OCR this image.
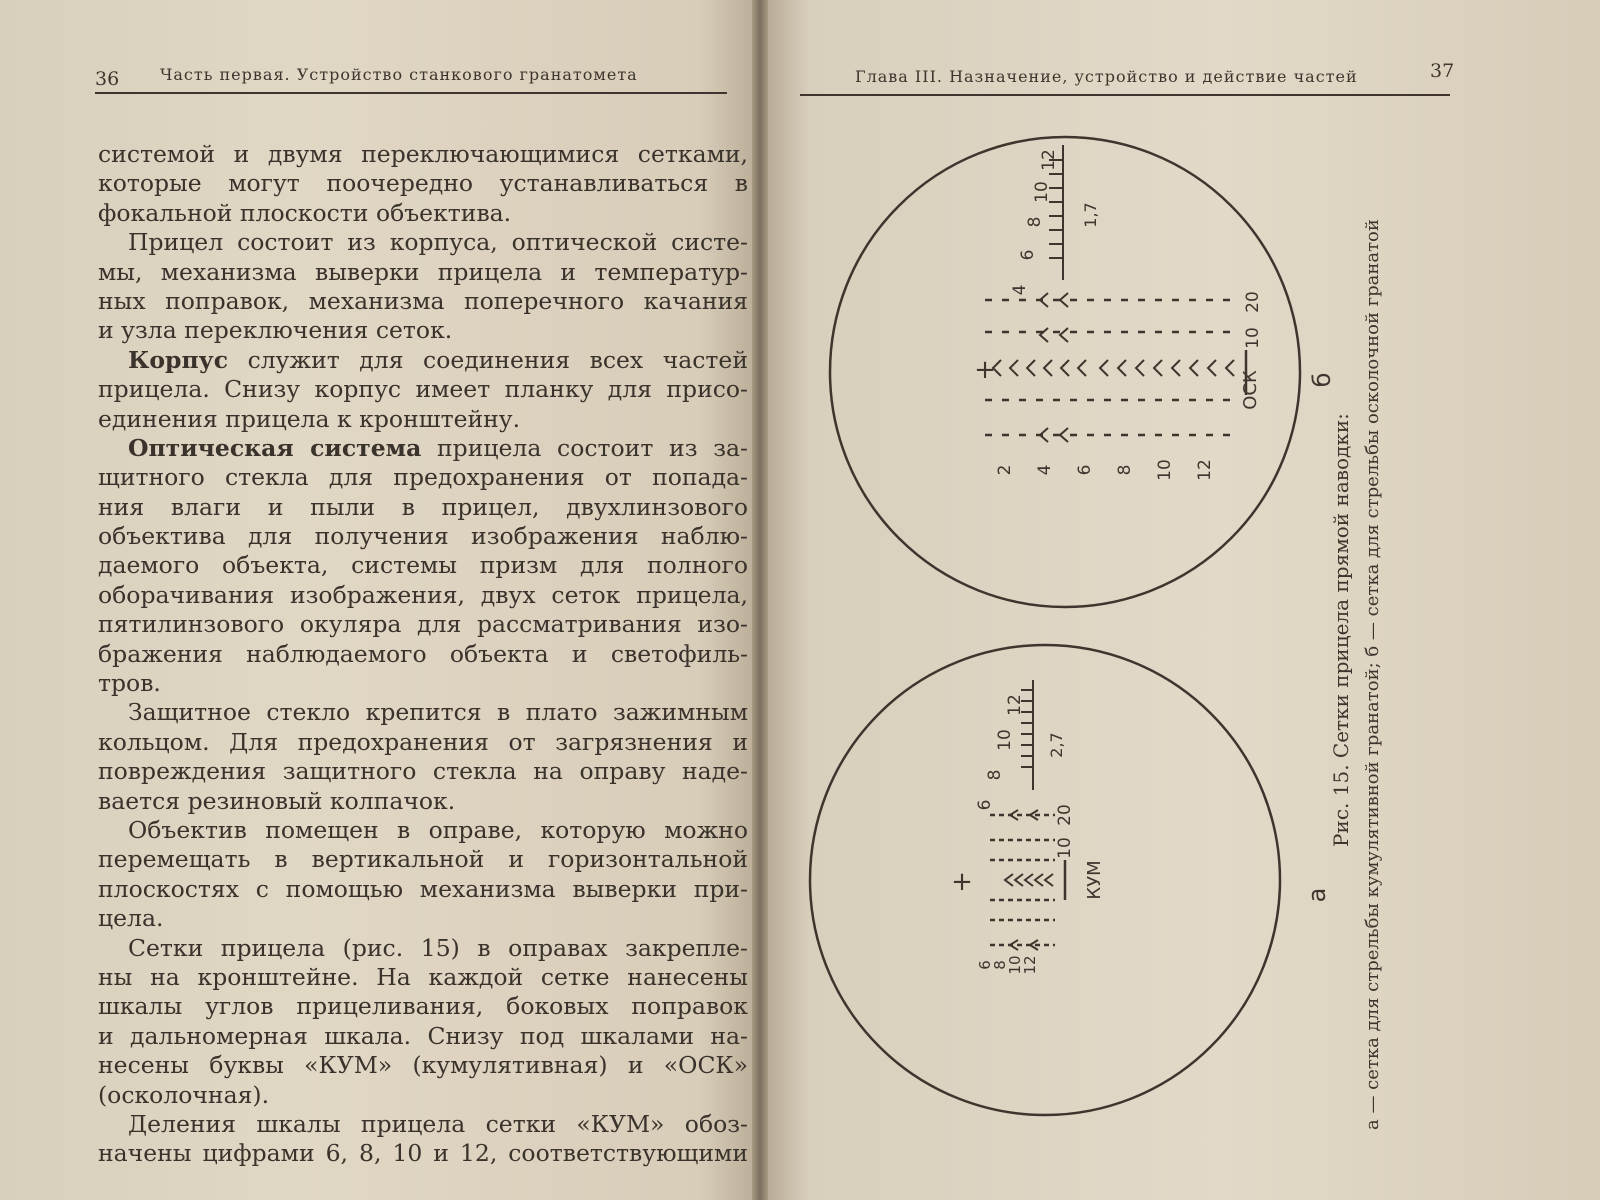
36	Часть первая. Устройство станкового гранатомета
системой и двумя переключающимися сетками,
которые могут поочередно устанавливаться в
фокальной плоскости объектива.
Прицел состоит из корпуса, оптической систе-
мы, механизма выверки прицела и температур-
ных поправок, механизма поперечного качания
и узла переключения сеток.
Корпус служит для соединения всех частей
прицела. Снизу корпус имеет планку для присо-
единения прицела к кронштейну.
Оптическая система прицела состоит из за-
щитного стекла для предохранения от попада-
ния влаги и пыли в прицел, двухлинзового
объектива для получения изображения наблю-
даемого объекта, системы призм для полного
оборачивания изображения, двух сеток прицела,
пятилинзового окуляра для рассматривания изо-
бражения наблюдаемого объекта и светофиль-
тров.
Защитное стекло крепится в плато зажимным
кольцом. Для предохранения от загрязнения и
повреждения защитного стекла на оправу наде-
вается резиновый колпачок.
Объектив помещен в оправе, которую можно
перемещать в вертикальной и горизонтальной
плоскостях с помощью механизма выверки при-
цела.
Сетки прицела (рис. 15) в оправах закрепле-
ны на кронштейне. На каждой сетке нанесены
шкалы углов прицеливания, боковых поправок
и дальномерная шкала. Снизу под шкалами на-
несены буквы «КУМ» (кумулятивная) и «ОСК»
(осколочная).
Деления шкалы прицела сетки «КУМ» обоз-
начены цифрами 6, 8, 10 и 12, соответствующими
Глава III. Назначение, устройство и действие частей	37
+
ОСК
1,7
4
6
8
10
12
10
20
2 4 6 8 10 12
б
+	КУМ
2,7
6
8
10
12
10
20
6
8
10
12
а
Рис. 15. Сетки прицела прямой наводки: а — сетка для стрельбы кумулятивной гранатой; б — сетка для стрельбы осколочной гранатой
